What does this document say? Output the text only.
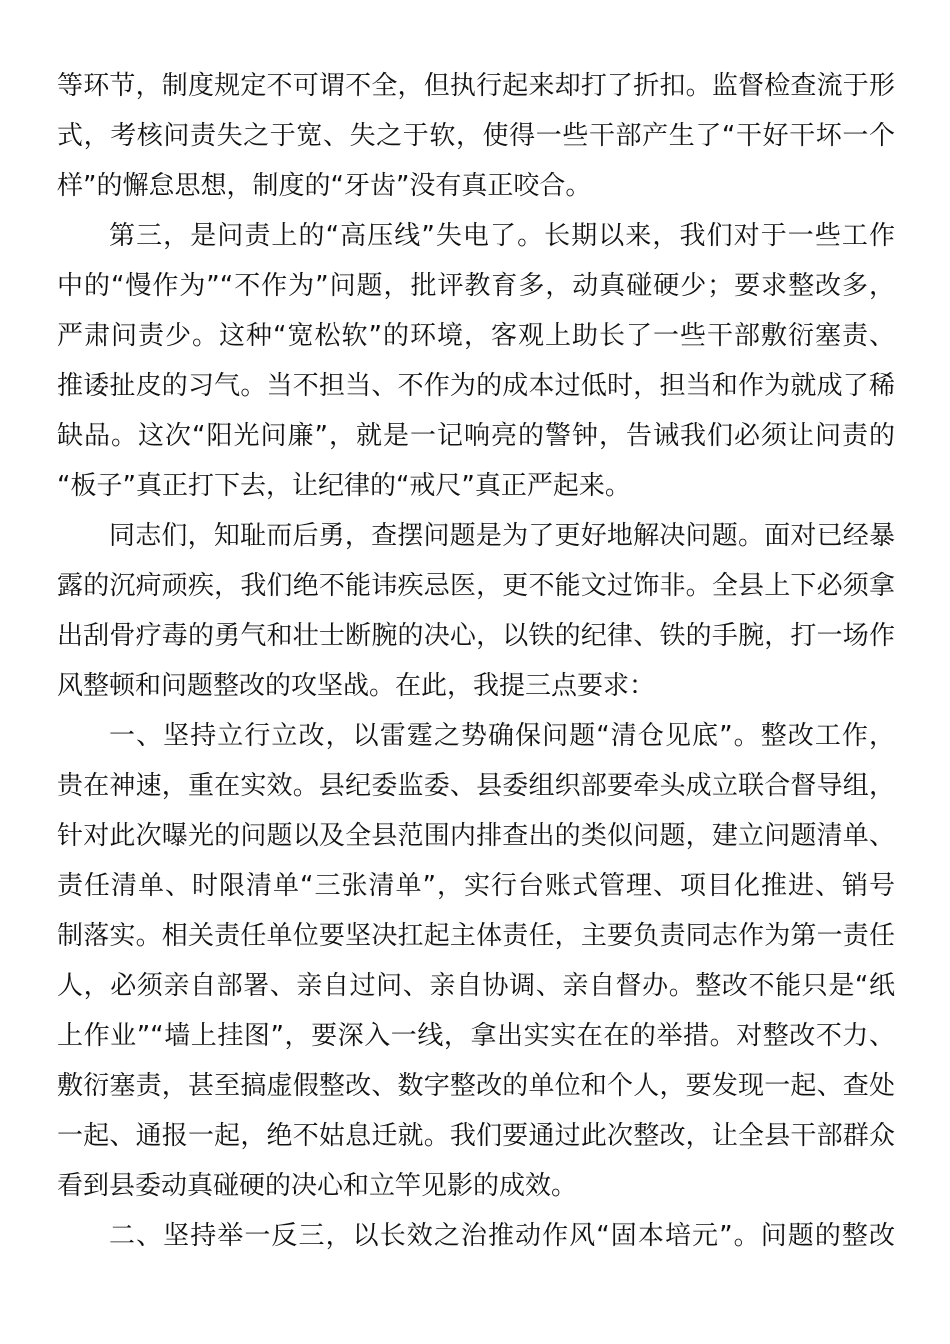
等环节，制度规定不可谓不全，但执行起来却打了折扣。监督检查流于形
式，考核问责失之于宽、失之于软，使得一些干部产生了“干好干坏一个
样”的懈怠思想，制度的“牙齿”没有真正咬合。
第三，是问责上的“高压线”失电了。长期以来，我们对于一些工作
中的“慢作为”“不作为”问题，批评教育多，动真碰硬少；要求整改多，
严肃问责少。这种“宽松软”的环境，客观上助长了一些干部敷衍塞责、
推诿扯皮的习气。当不担当、不作为的成本过低时，担当和作为就成了稀
缺品。这次“阳光问廉”，就是一记响亮的警钟，告诫我们必须让问责的
“板子”真正打下去，让纪律的“戒尺”真正严起来。
同志们，知耻而后勇，查摆问题是为了更好地解决问题。面对已经暴
露的沉疴顽疾，我们绝不能讳疾忌医，更不能文过饰非。全县上下必须拿
出刮骨疗毒的勇气和壮士断腕的决心，以铁的纪律、铁的手腕，打一场作
风整顿和问题整改的攻坚战。在此，我提三点要求：
一、坚持立行立改，以雷霆之势确保问题“清仓见底”。整改工作，
贵在神速，重在实效。县纪委监委、县委组织部要牵头成立联合督导组，
针对此次曝光的问题以及全县范围内排查出的类似问题，建立问题清单、
责任清单、时限清单“三张清单”，实行台账式管理、项目化推进、销号
制落实。相关责任单位要坚决扛起主体责任，主要负责同志作为第一责任
人，必须亲自部署、亲自过问、亲自协调、亲自督办。整改不能只是“纸
上作业”“墙上挂图”，要深入一线，拿出实实在在的举措。对整改不力、
敷衍塞责，甚至搞虚假整改、数字整改的单位和个人，要发现一起、查处
一起、通报一起，绝不姑息迁就。我们要通过此次整改，让全县干部群众
看到县委动真碰硬的决心和立竿见影的成效。
二、坚持举一反三，以长效之治推动作风“固本培元”。问题的整改
